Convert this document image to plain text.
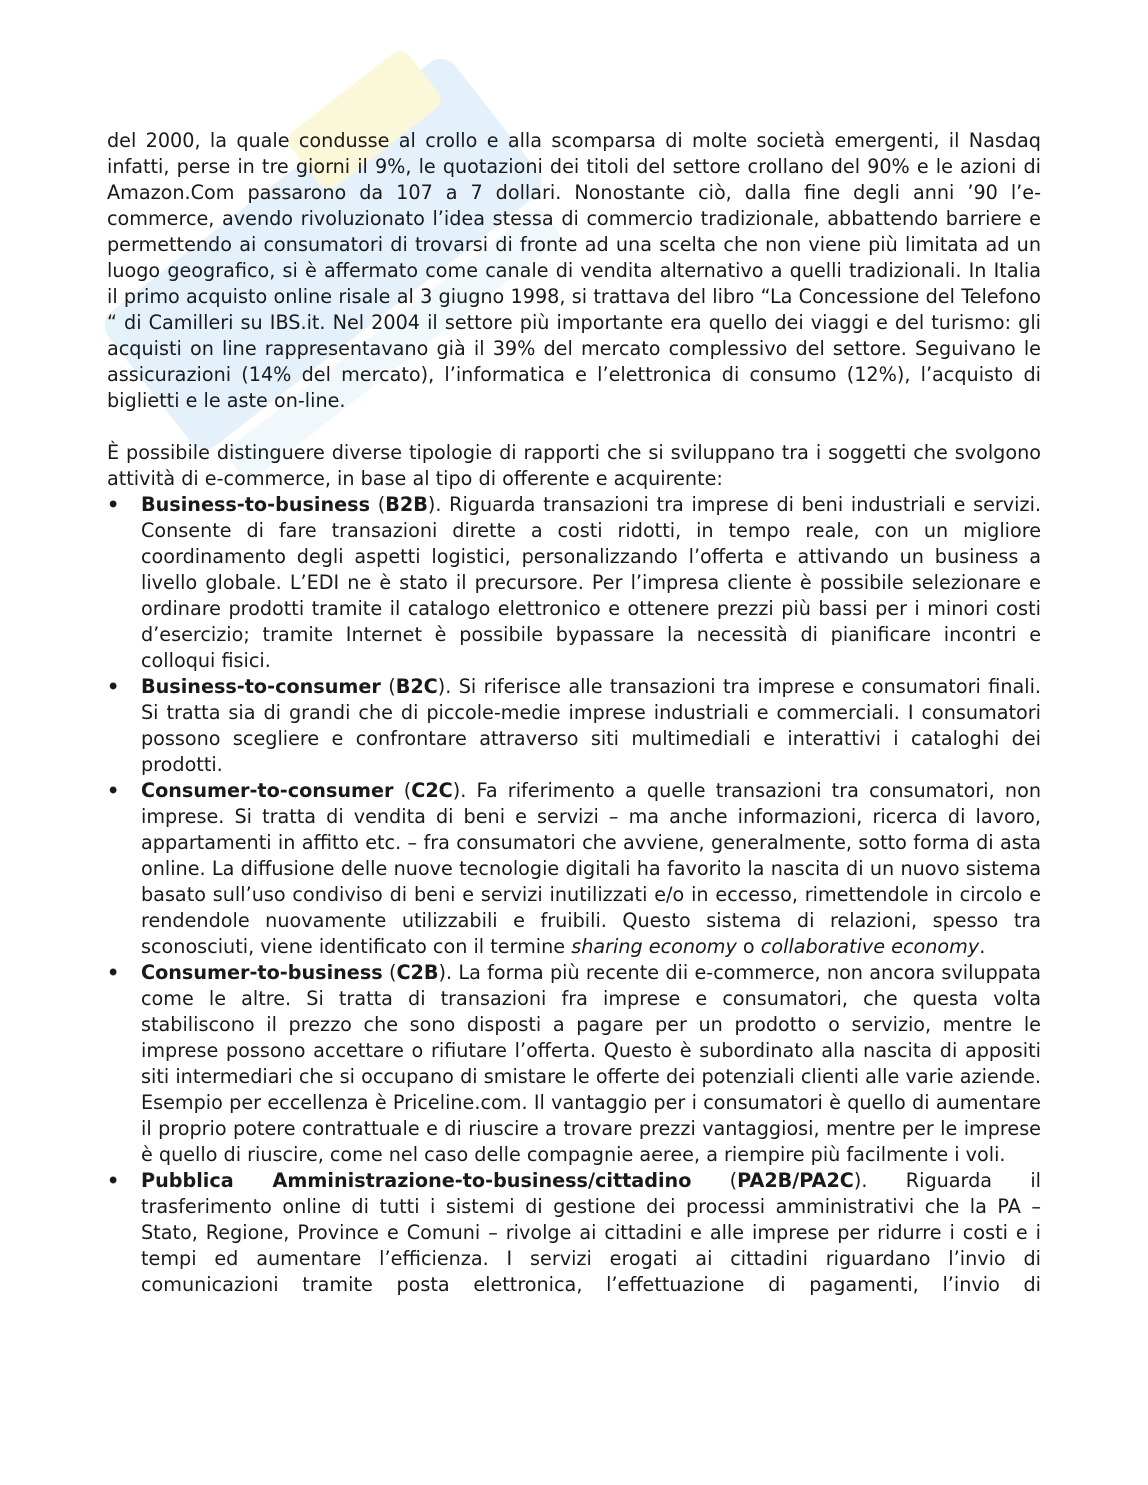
del 2000, la quale condusse al crollo e alla scomparsa di molte società emergenti, il Nasdaq infatti, perse in tre giorni il 9%, le quotazioni dei titoli del settore crollano del 90% e le azioni di Amazon.Com passarono da 107 a 7 dollari. Nonostante ciò, dalla fine degli anni ’90 l’e-commerce, avendo rivoluzionato l’idea stessa di commercio tradizionale, abbattendo barriere e permettendo ai consumatori di trovarsi di fronte ad una scelta che non viene più limitata ad un luogo geografico, si è affermato come canale di vendita alternativo a quelli tradizionali. In Italia il primo acquisto online risale al 3 giugno 1998, si trattava del libro “La Concessione del Telefono “ di Camilleri su IBS.it. Nel 2004 il settore più importante era quello dei viaggi e del turismo: gli acquisti on line rappresentavano già il 39% del mercato complessivo del settore. Seguivano le assicurazioni (14% del mercato), l’informatica e l’elettronica di consumo (12%), l’acquisto di biglietti e le aste on-line.

È possibile distinguere diverse tipologie di rapporti che si sviluppano tra i soggetti che svolgono attività di e-commerce, in base al tipo di offerente e acquirente:

• Business-to-business (B2B). Riguarda transazioni tra imprese di beni industriali e servizi. Consente di fare transazioni dirette a costi ridotti, in tempo reale, con un migliore coordinamento degli aspetti logistici, personalizzando l’offerta e attivando un business a livello globale. L’EDI ne è stato il precursore. Per l’impresa cliente è possibile selezionare e ordinare prodotti tramite il catalogo elettronico e ottenere prezzi più bassi per i minori costi d’esercizio; tramite Internet è possibile bypassare la necessità di pianificare incontri e colloqui fisici.
• Business-to-consumer (B2C). Si riferisce alle transazioni tra imprese e consumatori finali. Si tratta sia di grandi che di piccole-medie imprese industriali e commerciali. I consumatori possono scegliere e confrontare attraverso siti multimediali e interattivi i cataloghi dei prodotti.
• Consumer-to-consumer (C2C). Fa riferimento a quelle transazioni tra consumatori, non imprese. Si tratta di vendita di beni e servizi – ma anche informazioni, ricerca di lavoro, appartamenti in affitto etc. – fra consumatori che avviene, generalmente, sotto forma di asta online. La diffusione delle nuove tecnologie digitali ha favorito la nascita di un nuovo sistema basato sull’uso condiviso di beni e servizi inutilizzati e/o in eccesso, rimettendole in circolo e rendendole nuovamente utilizzabili e fruibili. Questo sistema di relazioni, spesso tra sconosciuti, viene identificato con il termine sharing economy o collaborative economy.
• Consumer-to-business (C2B). La forma più recente dii e-commerce, non ancora sviluppata come le altre. Si tratta di transazioni fra imprese e consumatori, che questa volta stabiliscono il prezzo che sono disposti a pagare per un prodotto o servizio, mentre le imprese possono accettare o rifiutare l’offerta. Questo è subordinato alla nascita di appositi siti intermediari che si occupano di smistare le offerte dei potenziali clienti alle varie aziende. Esempio per eccellenza è Priceline.com. Il vantaggio per i consumatori è quello di aumentare il proprio potere contrattuale e di riuscire a trovare prezzi vantaggiosi, mentre per le imprese è quello di riuscire, come nel caso delle compagnie aeree, a riempire più facilmente i voli.
• Pubblica Amministrazione-to-business/cittadino (PA2B/PA2C). Riguarda il trasferimento online di tutti i sistemi di gestione dei processi amministrativi che la PA – Stato, Regione, Province e Comuni – rivolge ai cittadini e alle imprese per ridurre i costi e i tempi ed aumentare l’efficienza. I servizi erogati ai cittadini riguardano l’invio di comunicazioni tramite posta elettronica, l’effettuazione di pagamenti, l’invio di
